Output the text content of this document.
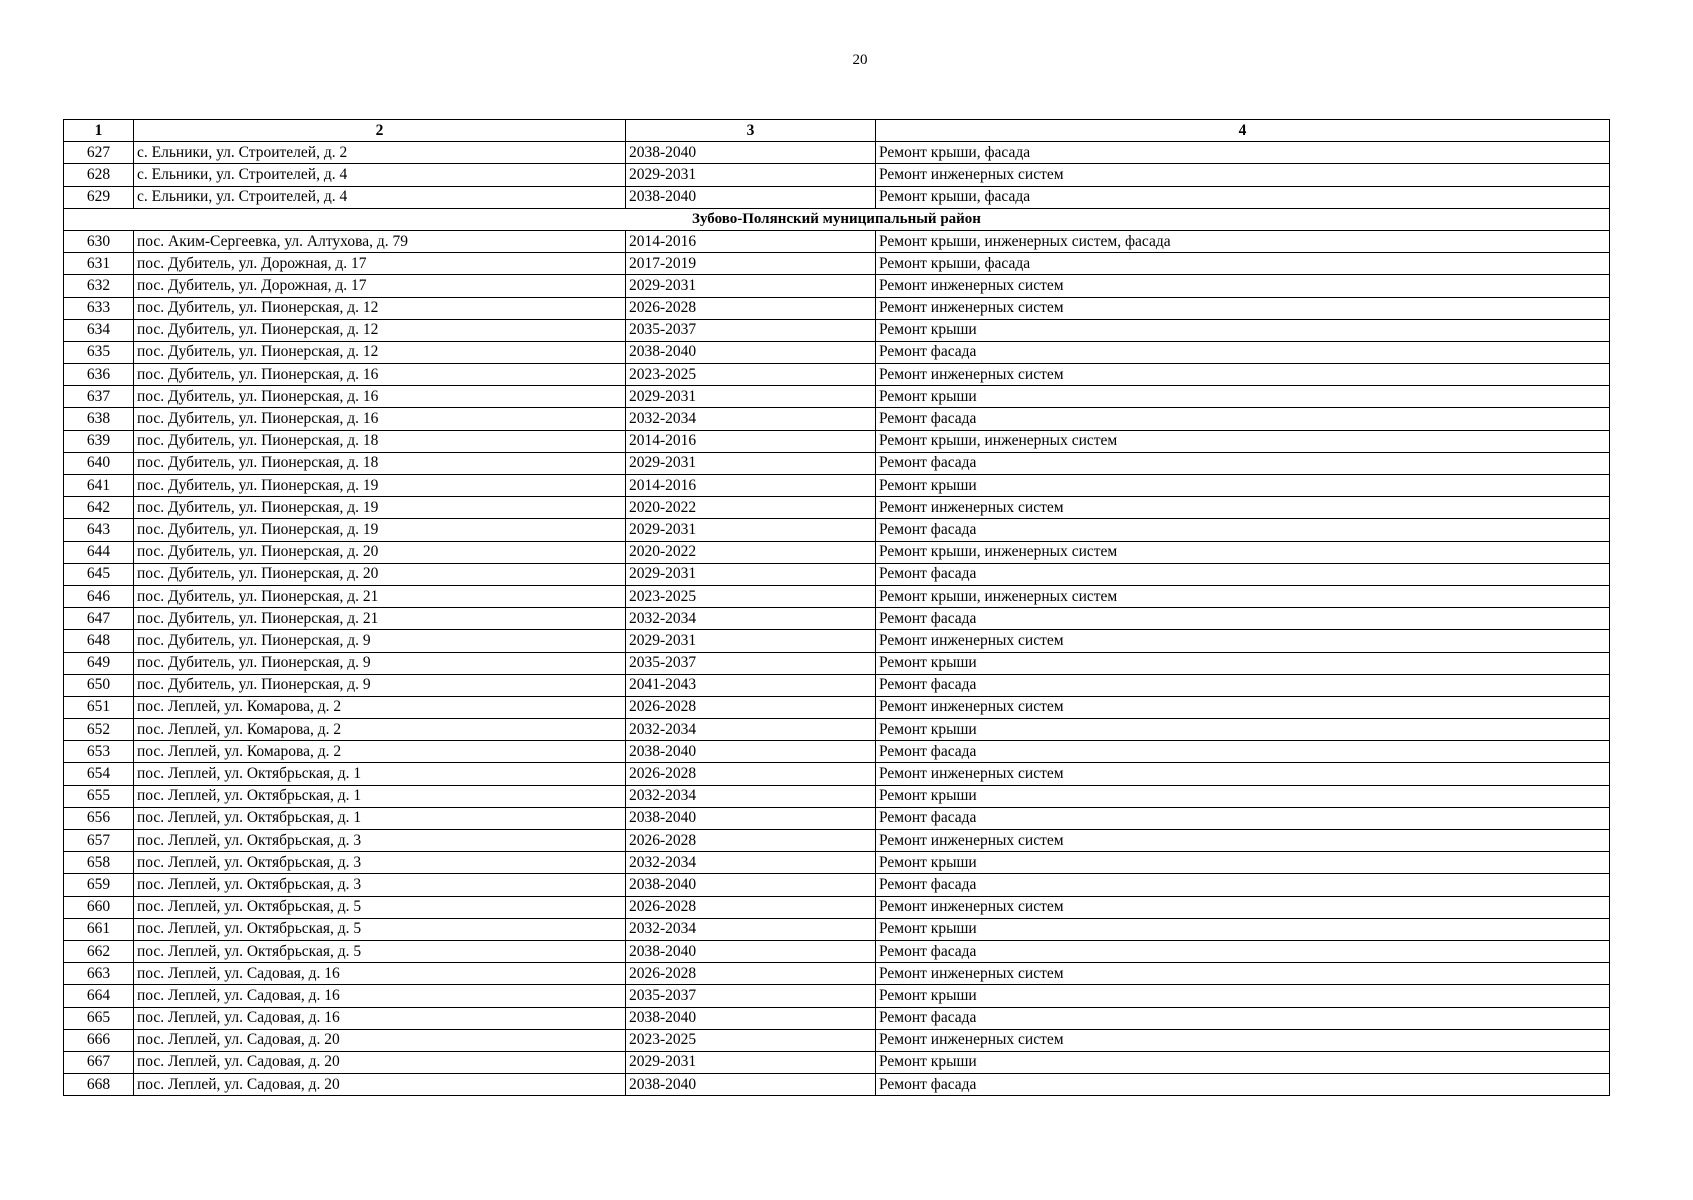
20
1	2	3	4
627	с. Ельники, ул. Строителей, д. 2	2038-2040	Ремонт крыши, фасада
628	с. Ельники, ул. Строителей, д. 4	2029-2031	Ремонт инженерных систем
629	с. Ельники, ул. Строителей, д. 4	2038-2040	Ремонт крыши, фасада
Зубово-Полянский муниципальный район			
630	пос. Аким-Сергеевка, ул. Алтухова, д. 79	2014-2016	Ремонт крыши, инженерных систем, фасада
631	пос. Дубитель, ул. Дорожная, д. 17	2017-2019	Ремонт крыши, фасада
632	пос. Дубитель, ул. Дорожная, д. 17	2029-2031	Ремонт инженерных систем
633	пос. Дубитель, ул. Пионерская, д. 12	2026-2028	Ремонт инженерных систем
634	пос. Дубитель, ул. Пионерская, д. 12	2035-2037	Ремонт крыши
635	пос. Дубитель, ул. Пионерская, д. 12	2038-2040	Ремонт фасада
636	пос. Дубитель, ул. Пионерская, д. 16	2023-2025	Ремонт инженерных систем
637	пос. Дубитель, ул. Пионерская, д. 16	2029-2031	Ремонт крыши
638	пос. Дубитель, ул. Пионерская, д. 16	2032-2034	Ремонт фасада
639	пос. Дубитель, ул. Пионерская, д. 18	2014-2016	Ремонт крыши, инженерных систем
640	пос. Дубитель, ул. Пионерская, д. 18	2029-2031	Ремонт фасада
641	пос. Дубитель, ул. Пионерская, д. 19	2014-2016	Ремонт крыши
642	пос. Дубитель, ул. Пионерская, д. 19	2020-2022	Ремонт инженерных систем
643	пос. Дубитель, ул. Пионерская, д. 19	2029-2031	Ремонт фасада
644	пос. Дубитель, ул. Пионерская, д. 20	2020-2022	Ремонт крыши, инженерных систем
645	пос. Дубитель, ул. Пионерская, д. 20	2029-2031	Ремонт фасада
646	пос. Дубитель, ул. Пионерская, д. 21	2023-2025	Ремонт крыши, инженерных систем
647	пос. Дубитель, ул. Пионерская, д. 21	2032-2034	Ремонт фасада
648	пос. Дубитель, ул. Пионерская, д. 9	2029-2031	Ремонт инженерных систем
649	пос. Дубитель, ул. Пионерская, д. 9	2035-2037	Ремонт крыши
650	пос. Дубитель, ул. Пионерская, д. 9	2041-2043	Ремонт фасада
651	пос. Леплей, ул. Комарова, д. 2	2026-2028	Ремонт инженерных систем
652	пос. Леплей, ул. Комарова, д. 2	2032-2034	Ремонт крыши
653	пос. Леплей, ул. Комарова, д. 2	2038-2040	Ремонт фасада
654	пос. Леплей, ул. Октябрьская, д. 1	2026-2028	Ремонт инженерных систем
655	пос. Леплей, ул. Октябрьская, д. 1	2032-2034	Ремонт крыши
656	пос. Леплей, ул. Октябрьская, д. 1	2038-2040	Ремонт фасада
657	пос. Леплей, ул. Октябрьская, д. 3	2026-2028	Ремонт инженерных систем
658	пос. Леплей, ул. Октябрьская, д. 3	2032-2034	Ремонт крыши
659	пос. Леплей, ул. Октябрьская, д. 3	2038-2040	Ремонт фасада
660	пос. Леплей, ул. Октябрьская, д. 5	2026-2028	Ремонт инженерных систем
661	пос. Леплей, ул. Октябрьская, д. 5	2032-2034	Ремонт крыши
662	пос. Леплей, ул. Октябрьская, д. 5	2038-2040	Ремонт фасада
663	пос. Леплей, ул. Садовая, д. 16	2026-2028	Ремонт инженерных систем
664	пос. Леплей, ул. Садовая, д. 16	2035-2037	Ремонт крыши
665	пос. Леплей, ул. Садовая, д. 16	2038-2040	Ремонт фасада
666	пос. Леплей, ул. Садовая, д. 20	2023-2025	Ремонт инженерных систем
667	пос. Леплей, ул. Садовая, д. 20	2029-2031	Ремонт крыши
668	пос. Леплей, ул. Садовая, д. 20	2038-2040	Ремонт фасада
